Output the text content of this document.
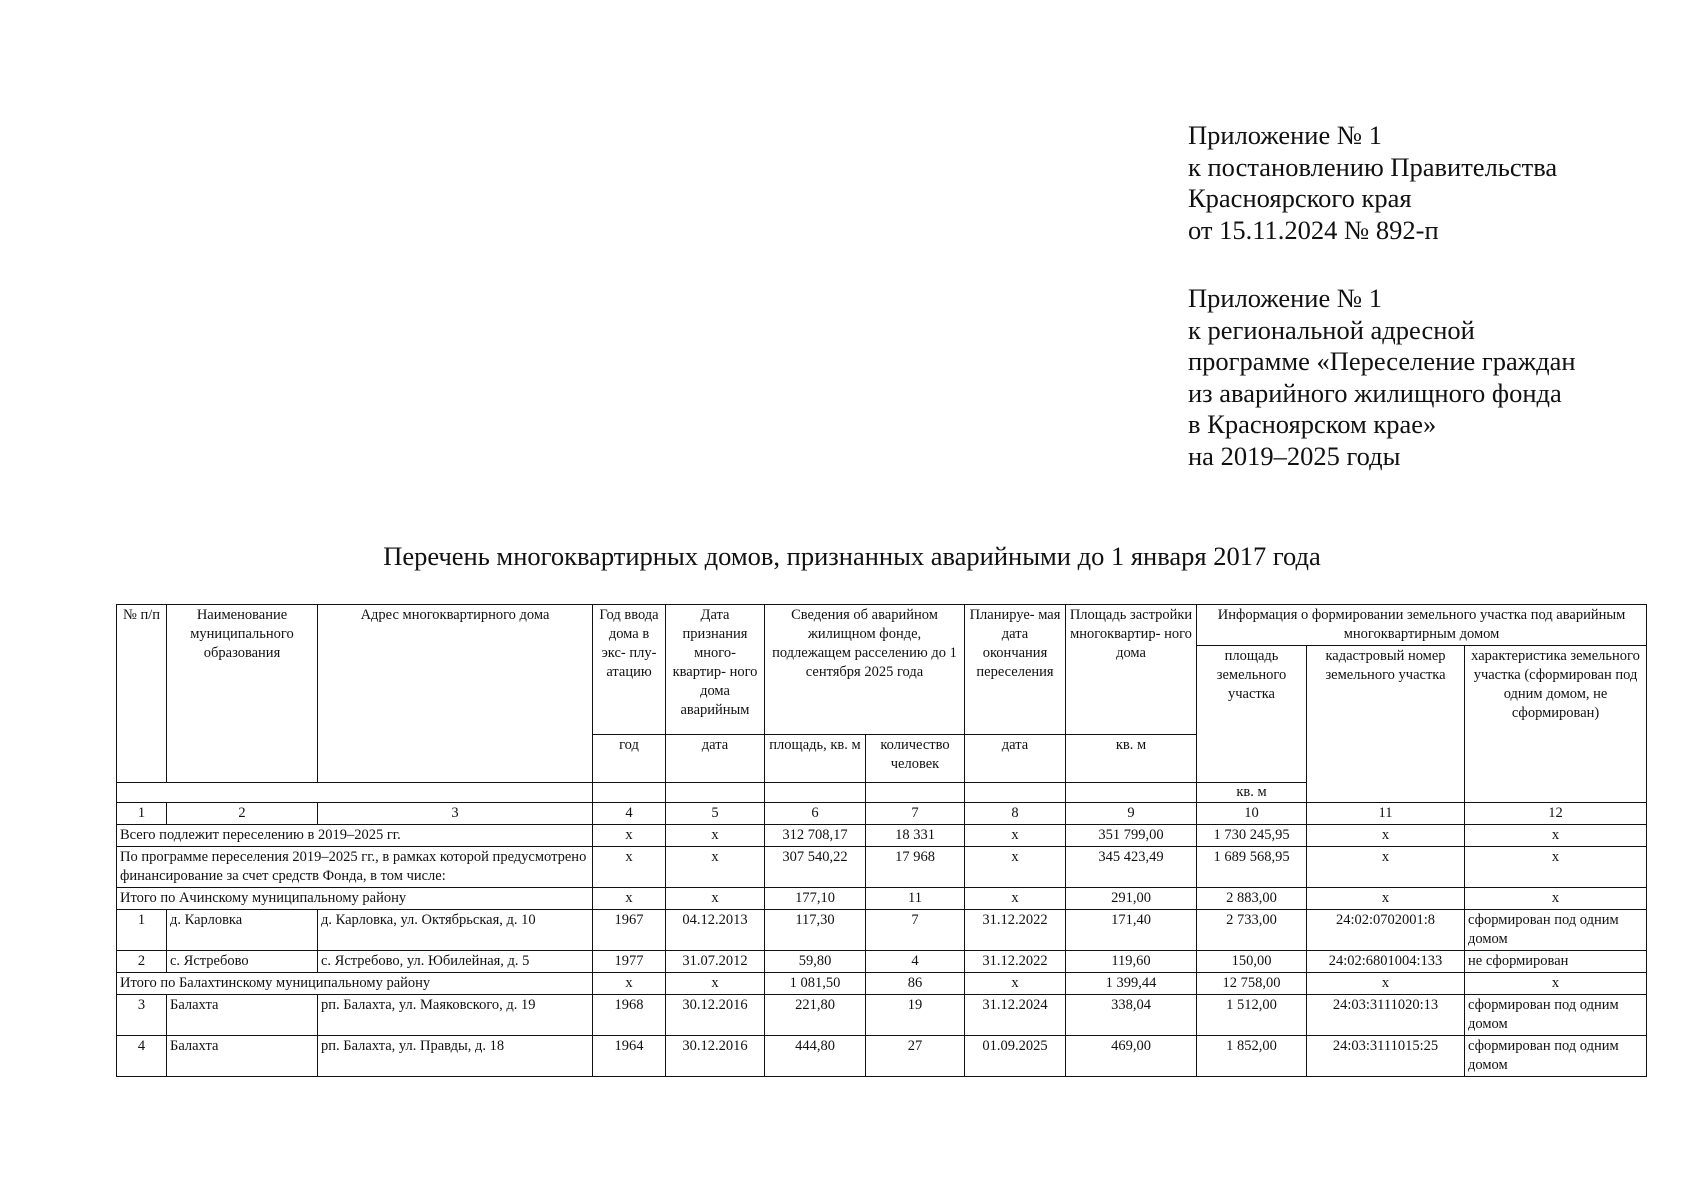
Приложение № 1
к постановлению Правительства
Красноярского края
от 15.11.2024 № 892-п
Приложение № 1
к региональной адресной
программе «Переселение граждан
из аварийного жилищного фонда
в Красноярском крае»
на 2019–2025 годы
Перечень многоквартирных домов, признанных аварийными до 1 января 2017 года
№ п/п	Наименование муниципального образования	Адрес многоквартирного дома	Год ввода дома в экс- плу- атацию	Дата признания много- квартир- ного дома аварийным	Сведения об аварийном жилищном фонде, подлежащем расселению до 1 сентября 2025 года		Планируе- мая дата окончания переселения	Площадь застройки многоквартир- ного дома	Информация о формировании земельного участка под аварийным многоквартирным домом		
									площадь земельного участка	кадастровый номер земельного участка	характеристика земельного участка (сформирован под одним домом, не сформирован)
			год	дата	площадь, кв. м	количество человек	дата	кв. м			
									кв. м		
1	2	3	4	5	6	7	8	9	10	11	12
Всего подлежит переселению в 2019–2025 гг.			x	x	312 708,17	18 331	x	351 799,00	1 730 245,95	x	x
По программе переселения 2019–2025 гг., в рамках которой предусмотрено финансирование за счет средств Фонда, в том числе:			x	x	307 540,22	17 968	x	345 423,49	1 689 568,95	x	x
Итого по Ачинскому муниципальному району			x	x	177,10	11	x	291,00	2 883,00	x	x
1	д. Карловка	д. Карловка, ул. Октябрьская, д. 10	1967	04.12.2013	117,30	7	31.12.2022	171,40	2 733,00	24:02:0702001:8	сформирован под одним домом
2	с. Ястребово	с. Ястребово, ул. Юбилейная, д. 5	1977	31.07.2012	59,80	4	31.12.2022	119,60	150,00	24:02:6801004:133	не сформирован
Итого по Балахтинскому муниципальному району			x	x	1 081,50	86	x	1 399,44	12 758,00	x	x
3	Балахта	рп. Балахта, ул. Маяковского, д. 19	1968	30.12.2016	221,80	19	31.12.2024	338,04	1 512,00	24:03:3111020:13	сформирован под одним домом
4	Балахта	рп. Балахта, ул. Правды, д. 18	1964	30.12.2016	444,80	27	01.09.2025	469,00	1 852,00	24:03:3111015:25	сформирован под одним домом
